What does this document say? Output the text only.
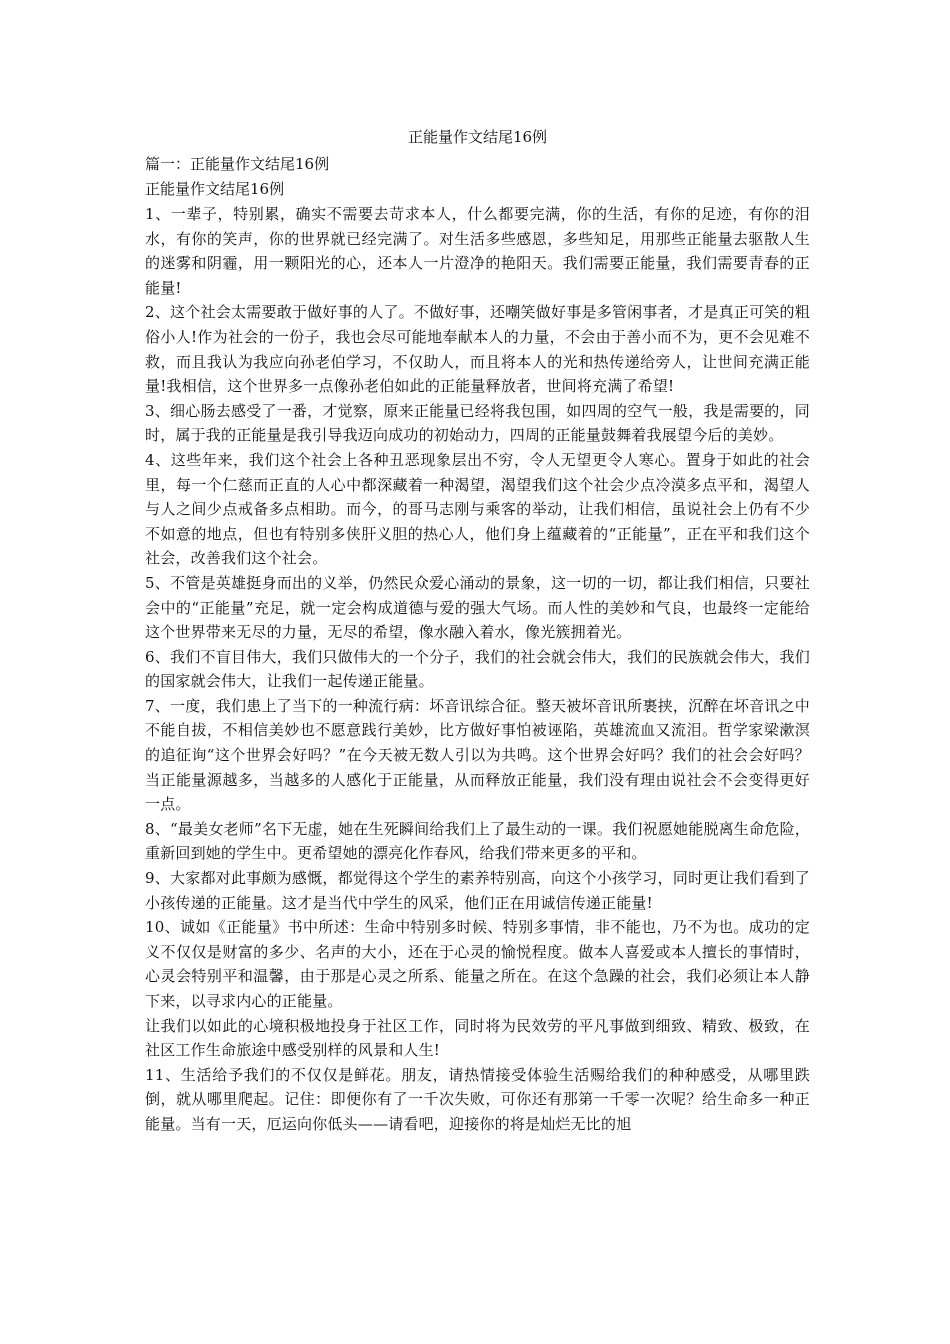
正能量作文结尾16例

篇一：正能量作文结尾16例

正能量作文结尾16例

1、一辈子，特别累，确实不需要去苛求本人，什么都要完满，你的生活，有你的足迹，有你的泪水，有你的笑声，你的世界就已经完满了。对生活多些感恩，多些知足，用那些正能量去驱散人生的迷雾和阴霾，用一颗阳光的心，还本人一片澄净的艳阳天。我们需要正能量，我们需要青春的正能量!

2、这个社会太需要敢于做好事的人了。不做好事，还嘲笑做好事是多管闲事者，才是真正可笑的粗俗小人!作为社会的一份子，我也会尽可能地奉献本人的力量，不会由于善小而不为，更不会见难不救，而且我认为我应向孙老伯学习，不仅助人，而且将本人的光和热传递给旁人，让世间充满正能量!我相信，这个世界多一点像孙老伯如此的正能量释放者，世间将充满了希望!

3、细心肠去感受了一番，才觉察，原来正能量已经将我包围，如四周的空气一般，我是需要的，同时，属于我的正能量是我引导我迈向成功的初始动力，四周的正能量鼓舞着我展望今后的美妙。

4、这些年来，我们这个社会上各种丑恶现象层出不穷，令人无望更令人寒心。置身于如此的社会里，每一个仁慈而正直的人心中都深藏着一种渴望，渴望我们这个社会少点冷漠多点平和，渴望人与人之间少点戒备多点相助。而今，的哥马志刚与乘客的举动，让我们相信，虽说社会上仍有不少不如意的地点，但也有特别多侠肝义胆的热心人，他们身上蕴藏着的“正能量”，正在平和我们这个社会，改善我们这个社会。

5、不管是英雄挺身而出的义举，仍然民众爱心涌动的景象，这一切的一切，都让我们相信，只要社会中的“正能量”充足，就一定会构成道德与爱的强大气场。而人性的美妙和气良，也最终一定能给这个世界带来无尽的力量，无尽的希望，像水融入着水，像光簇拥着光。

6、我们不盲目伟大，我们只做伟大的一个分子，我们的社会就会伟大，我们的民族就会伟大，我们的国家就会伟大，让我们一起传递正能量。

7、一度，我们患上了当下的一种流行病：坏音讯综合征。整天被坏音讯所裹挟，沉醉在坏音讯之中不能自拔，不相信美妙也不愿意践行美妙，比方做好事怕被诬陷，英雄流血又流泪。哲学家梁漱溟的追征询“这个世界会好吗？”在今天被无数人引以为共鸣。这个世界会好吗？我们的社会会好吗？当正能量源越多，当越多的人感化于正能量，从而释放正能量，我们没有理由说社会不会变得更好一点。

8、“最美女老师”名下无虚，她在生死瞬间给我们上了最生动的一课。我们祝愿她能脱离生命危险，重新回到她的学生中。更希望她的漂亮化作春风，给我们带来更多的平和。

9、大家都对此事颇为感慨，都觉得这个学生的素养特别高，向这个小孩学习，同时更让我们看到了小孩传递的正能量。这才是当代中学生的风采，他们正在用诚信传递正能量!

10、诚如《正能量》书中所述：生命中特别多时候、特别多事情，非不能也，乃不为也。成功的定义不仅仅是财富的多少、名声的大小，还在于心灵的愉悦程度。做本人喜爱或本人擅长的事情时，心灵会特别平和温馨，由于那是心灵之所系、能量之所在。在这个急躁的社会，我们必须让本人静下来，以寻求内心的正能量。

让我们以如此的心境积极地投身于社区工作，同时将为民效劳的平凡事做到细致、精致、极致，在社区工作生命旅途中感受别样的风景和人生!

11、生活给予我们的不仅仅是鲜花。朋友，请热情接受体验生活赐给我们的种种感受，从哪里跌倒，就从哪里爬起。记住：即便你有了一千次失败，可你还有那第一千零一次呢？给生命多一种正能量。当有一天，厄运向你低头——请看吧，迎接你的将是灿烂无比的旭
